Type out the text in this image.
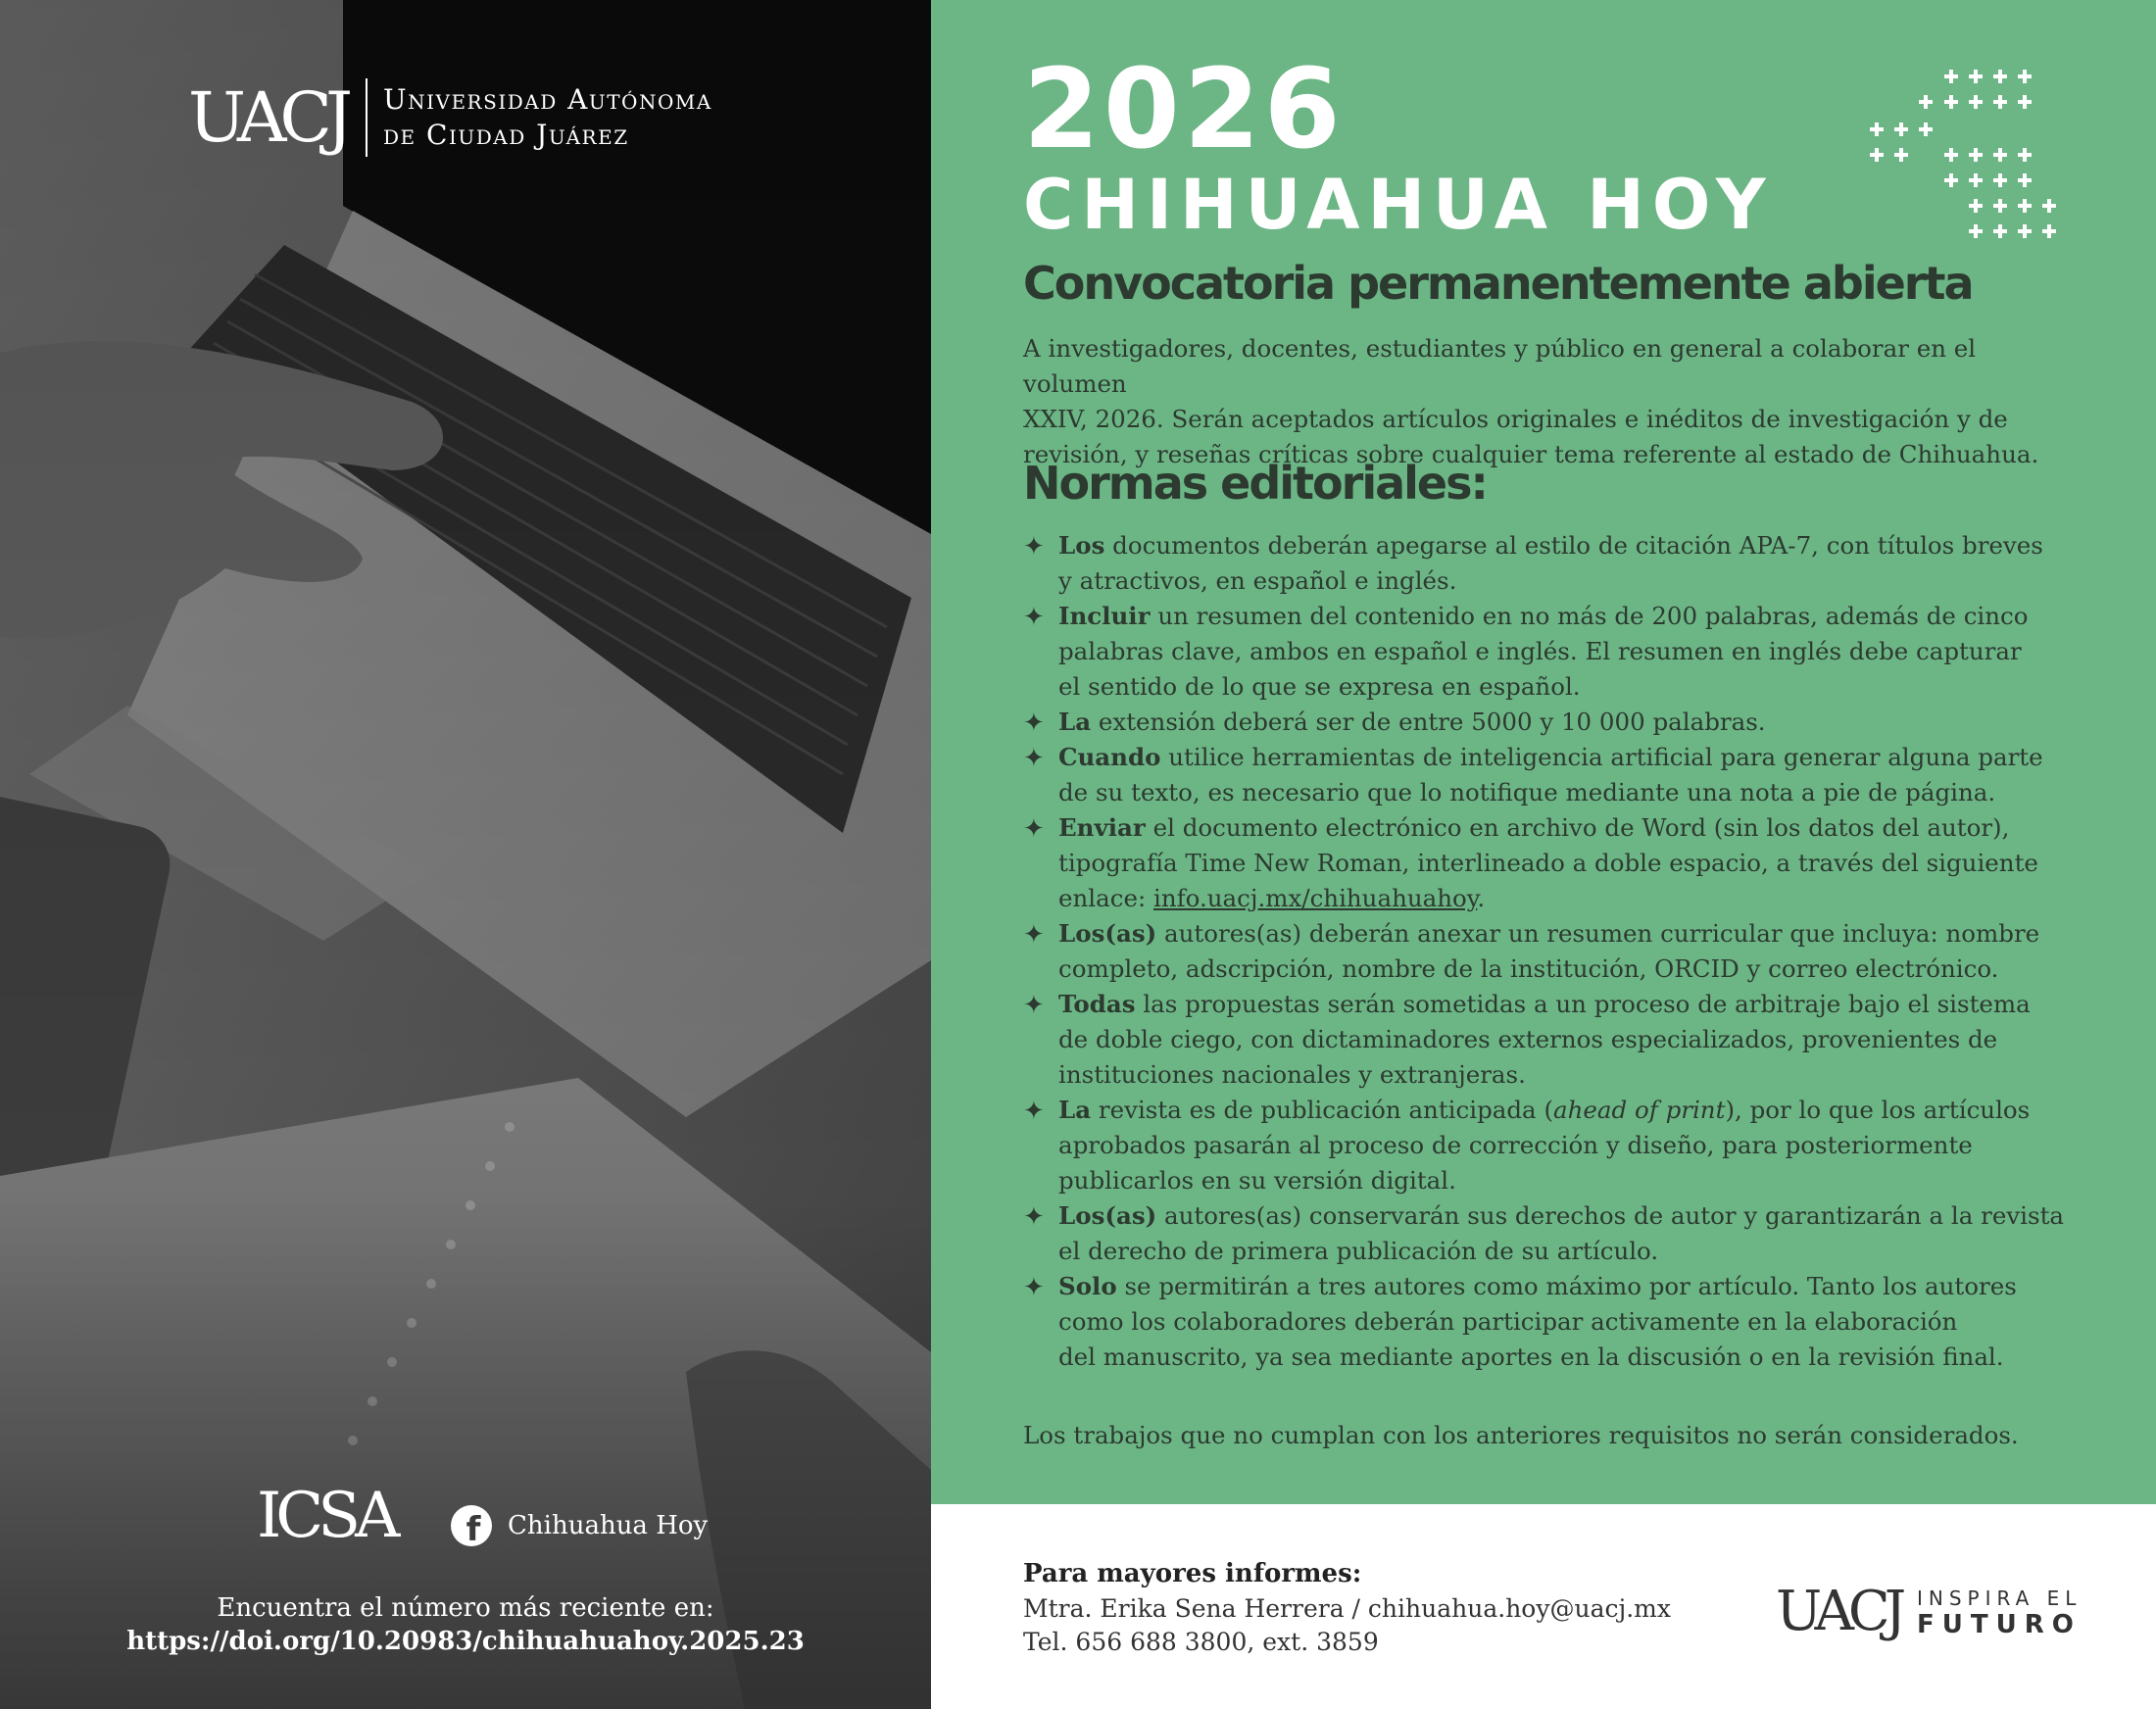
UACJ Universidad Autónoma
de Ciudad Juárez
ICSA	f	Chihuahua Hoy
Encuentra el número más reciente en:
https://doi.org/10.20983/chihuahuahoy.2025.23
2026
CHIHUAHUA HOY
Convocatoria permanentemente abierta
A investigadores, docentes, estudiantes y público en general a colaborar en el volumen
XXIV, 2026. Serán aceptados artículos originales e inéditos de investigación y de
revisión, y reseñas críticas sobre cualquier tema referente al estado de Chihuahua.
Normas editoriales:
✦ Los documentos deberán apegarse al estilo de citación APA-7, con títulos breves
y atractivos, en español e inglés.
✦ Incluir un resumen del contenido en no más de 200 palabras, además de cinco
palabras clave, ambos en español e inglés. El resumen en inglés debe capturar
el sentido de lo que se expresa en español.
✦ La extensión deberá ser de entre 5000 y 10 000 palabras.
✦ Cuando utilice herramientas de inteligencia artificial para generar alguna parte
de su texto, es necesario que lo notifique mediante una nota a pie de página.
✦ Enviar el documento electrónico en archivo de Word (sin los datos del autor),
tipografía Time New Roman, interlineado a doble espacio, a través del siguiente
enlace: info.uacj.mx/chihuahuahoy.
✦ Los(as) autores(as) deberán anexar un resumen curricular que incluya: nombre
completo, adscripción, nombre de la institución, ORCID y correo electrónico.
✦ Todas las propuestas serán sometidas a un proceso de arbitraje bajo el sistema
de doble ciego, con dictaminadores externos especializados, provenientes de
instituciones nacionales y extranjeras.
✦ La revista es de publicación anticipada (ahead of print), por lo que los artículos
aprobados pasarán al proceso de corrección y diseño, para posteriormente
publicarlos en su versión digital.
✦ Los(as) autores(as) conservarán sus derechos de autor y garantizarán a la revista
el derecho de primera publicación de su artículo.
✦ Solo se permitirán a tres autores como máximo por artículo. Tanto los autores
como los colaboradores deberán participar activamente en la elaboración
del manuscrito, ya sea mediante aportes en la discusión o en la revisión final.
Los trabajos que no cumplan con los anteriores requisitos no serán considerados.
Para mayores informes:
Mtra. Erika Sena Herrera / chihuahua.hoy@uacj.mx
Tel. 656 688 3800, ext. 3859	UACJ INSPIRA EL
FUTURO
